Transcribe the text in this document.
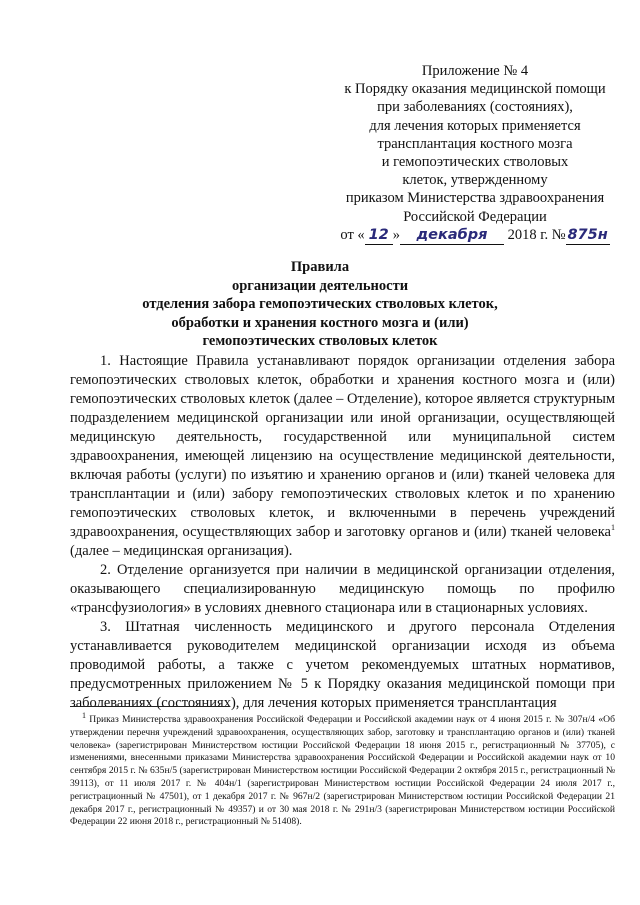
Приложение № 4
к Порядку оказания медицинской помощи
при заболеваниях (состояниях),
для лечения которых применяется
трансплантация костного мозга
и гемопоэтических стволовых
клеток, утвержденному
приказом Министерства здравоохранения
Российской Федерации
от « 12 » декабря 2018 г. № 875н
Правила
организации деятельности
отделения забора гемопоэтических стволовых клеток,
обработки и хранения костного мозга и (или)
гемопоэтических стволовых клеток

1. Настоящие Правила устанавливают порядок организации отделения забора гемопоэтических стволовых клеток, обработки и хранения костного мозга и (или) гемопоэтических стволовых клеток (далее – Отделение), которое является структурным подразделением медицинской организации или иной организации, осуществляющей медицинскую деятельность, государственной или муниципальной систем здравоохранения, имеющей лицензию на осуществление медицинской деятельности, включая работы (услуги) по изъятию и хранению органов и (или) тканей человека для трансплантации и (или) забору гемопоэтических стволовых клеток и по хранению гемопоэтических стволовых клеток, и включенными в перечень учреждений здравоохранения, осуществляющих забор и заготовку органов и (или) тканей человека$^1$ (далее – медицинская организация).

2. Отделение организуется при наличии в медицинской организации отделения, оказывающего специализированную медицинскую помощь по профилю «трансфузиология» в условиях дневного стационара или в стационарных условиях.

3. Штатная численность медицинского и другого персонала Отделения устанавливается руководителем медицинской организации исходя из объема проводимой работы, а также с учетом рекомендуемых штатных нормативов, предусмотренных приложением № 5 к Порядку оказания медицинской помощи при заболеваниях (состояниях), для лечения которых применяется трансплантация

$^1$ Приказ Министерства здравоохранения Российской Федерации и Российской академии наук от 4 июня 2015 г. № 307н/4 «Об утверждении перечня учреждений здравоохранения, осуществляющих забор, заготовку и трансплантацию органов и (или) тканей человека» (зарегистрирован Министерством юстиции Российской Федерации 18 июня 2015 г., регистрационный № 37705), с изменениями, внесенными приказами Министерства здравоохранения Российской Федерации и Российской академии наук от 10 сентября 2015 г. № 635н/5 (зарегистрирован Министерством юстиции Российской Федерации 2 октября 2015 г., регистрационный № 39113), от 11 июля 2017 г. № 404н/1 (зарегистрирован Министерством юстиции Российской Федерации 24 июля 2017 г., регистрационный № 47501), от 1 декабря 2017 г. № 967н/2 (зарегистрирован Министерством юстиции Российской Федерации 21 декабря 2017 г., регистрационный № 49357) и от 30 мая 2018 г. № 291н/3 (зарегистрирован Министерством юстиции Российской Федерации 22 июня 2018 г., регистрационный № 51408).
